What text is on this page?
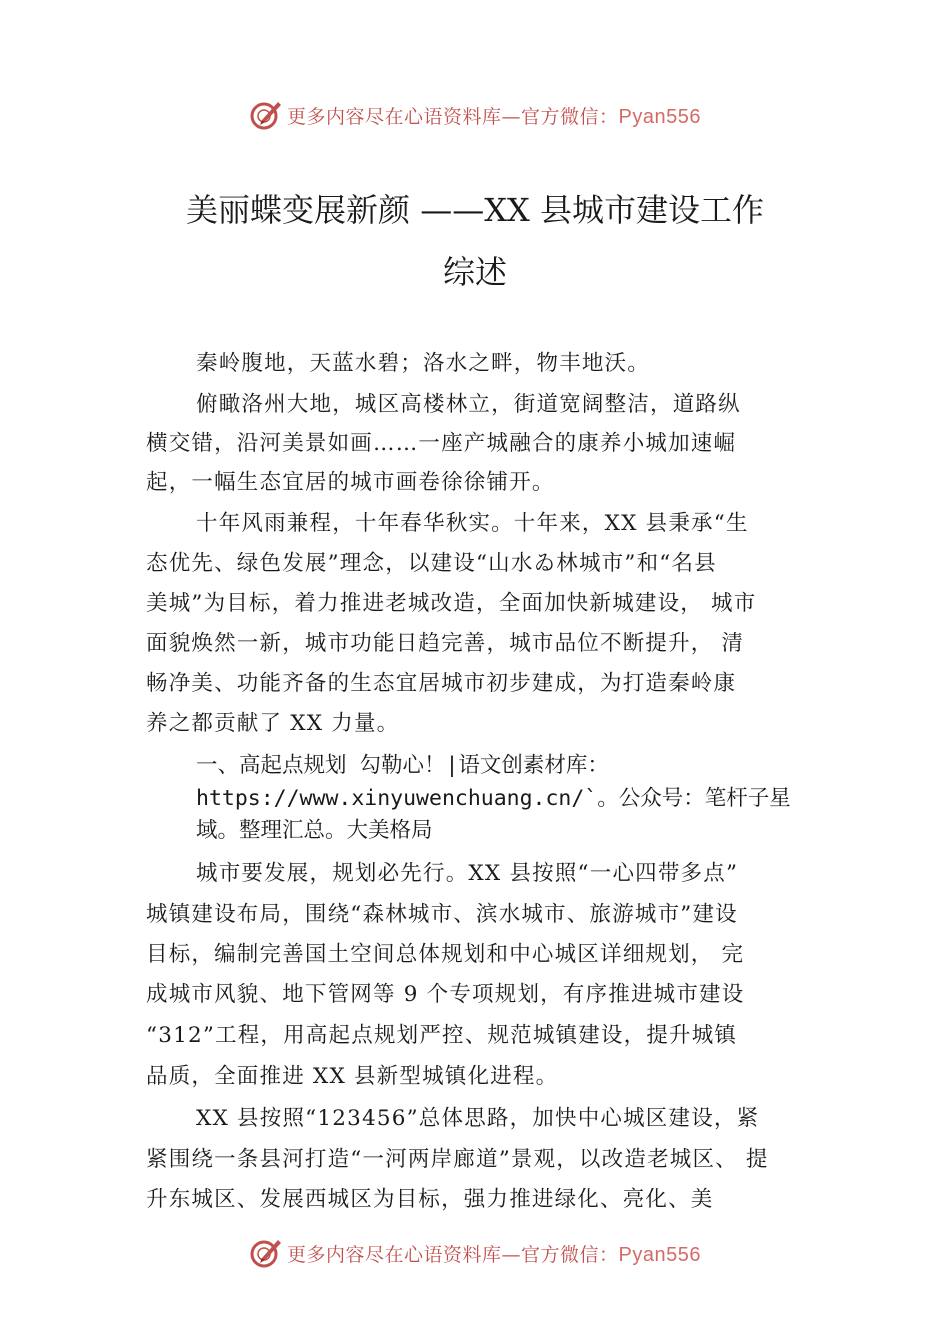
更多内容尽在心语资料库—官方微信：Pyan556
美丽蝶变展新颜 ——XX 县城市建设工作
综述
秦岭腹地，天蓝水碧；洛水之畔，物丰地沃。
俯瞰洛州大地，城区高楼林立，街道宽阔整洁，道路纵
横交错，沿河美景如画……一座产城融合的康养小城加速崛
起，一幅生态宜居的城市画卷徐徐铺开。
十年风雨兼程，十年春华秋实。十年来，XX 县秉承“生
态优先、绿色发展”理念，以建设“山水ゐ林城市”和“名县
美城”为目标，着力推进老城改造，全面加快新城建设， 城市
面貌焕然一新，城市功能日趋完善，城市品位不断提升， 清
畅净美、功能齐备的生态宜居城市初步建成，为打造秦岭康
养之都贡献了 XX 力量。
一、高起点规划 勾勒心！|语文创素材库：
https://www.xinyuwenchuang.cn/`。公众号：笔杆子星
域。整理汇总。大美格局
城市要发展，规划必先行。XX 县按照“一心四带多点”
城镇建设布局，围绕“森林城市、滨水城市、旅游城市”建设
目标，编制完善国土空间总体规划和中心城区详细规划， 完
成城市风貌、地下管网等 9 个专项规划，有序推进城市建设
“312”工程，用高起点规划严控、规范城镇建设，提升城镇
品质，全面推进 XX 县新型城镇化进程。
XX 县按照“123456”总体思路，加快中心城区建设，紧
紧围绕一条县河打造“一河两岸廊道”景观，以改造老城区、 提
升东城区、发展西城区为目标，强力推进绿化、亮化、美
更多内容尽在心语资料库—官方微信：Pyan556
